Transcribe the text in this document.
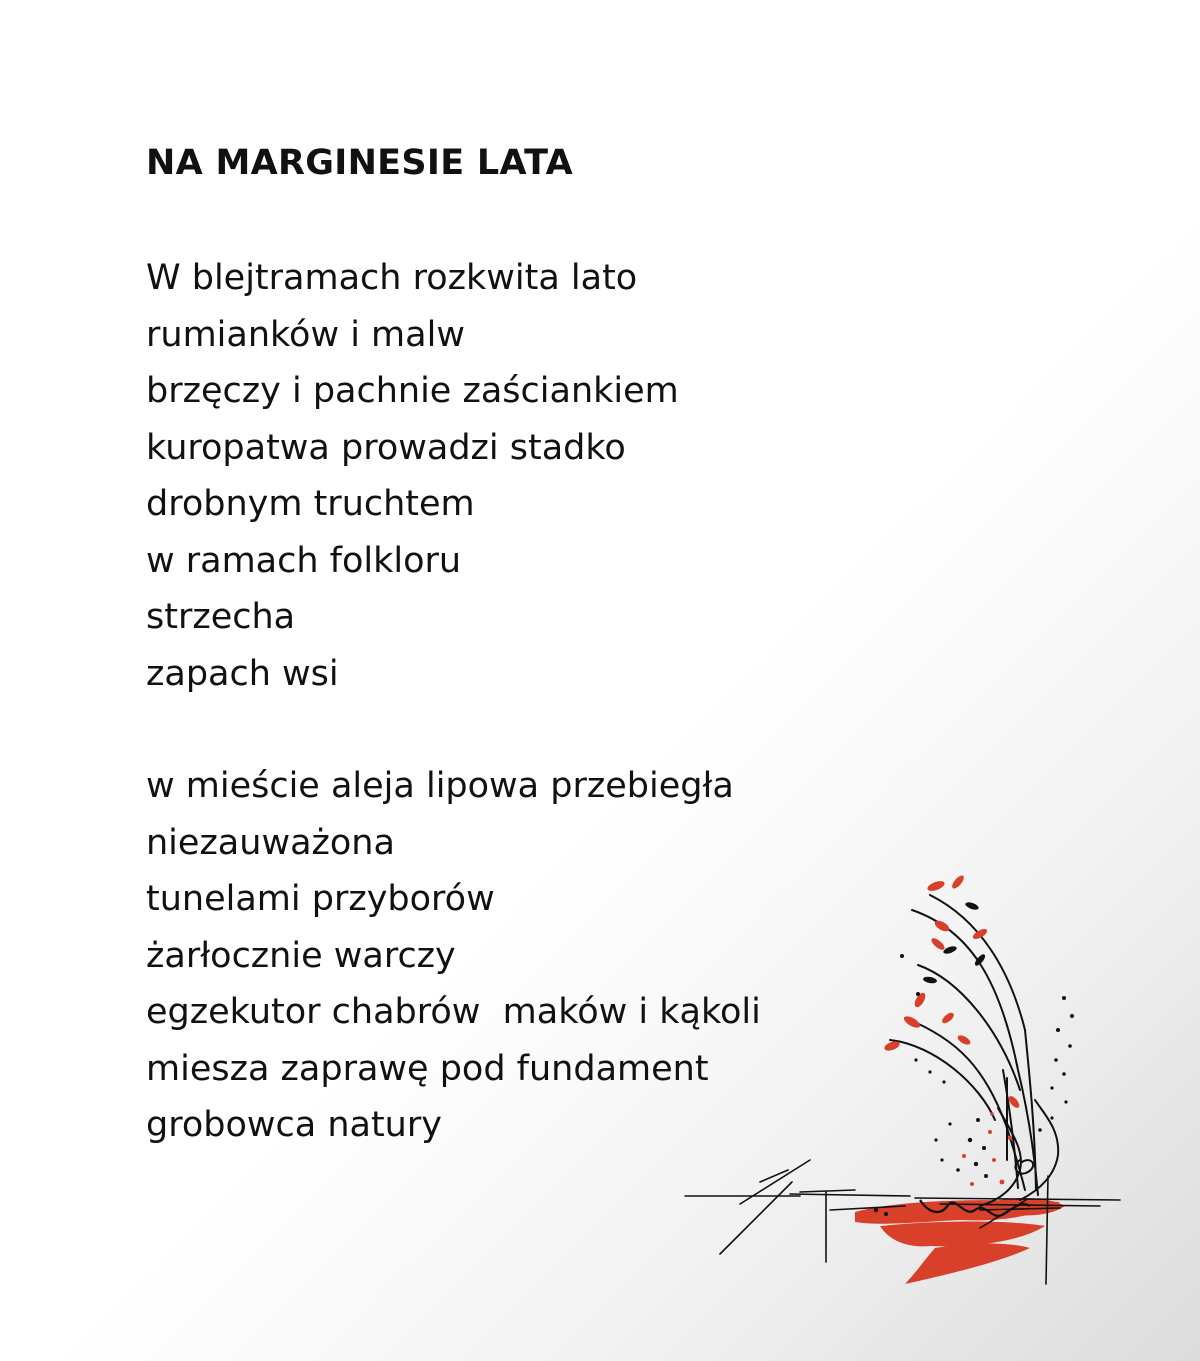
NA MARGINESIE LATA
W blejtramach rozkwita lato
rumianków i malw
brzęczy i pachnie zaściankiem
kuropatwa prowadzi stadko
drobnym truchtem
w ramach folkloru
strzecha
zapach wsi
w mieście aleja lipowa przebiegła
niezauważona
tunelami przyborów
żarłocznie warczy
egzekutor chabrów  maków i kąkoli
miesza zaprawę pod fundament
grobowca natury
